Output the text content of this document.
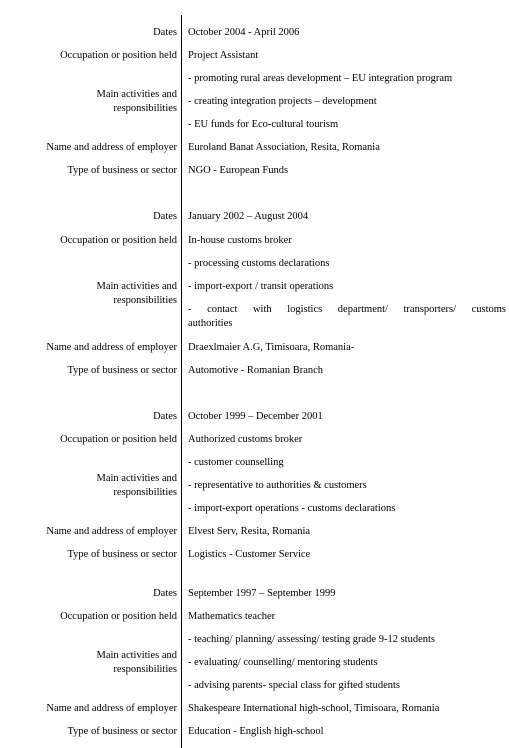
Dates October 2004 - April 2006
Occupation or position held Project Assistant
Main activities and
responsibilities
- promoting rural areas development – EU integration program
- creating integration projects – development
- EU funds for Eco-cultural tourism
Name and address of employer Euroland Banat Association, Resita, Romania
Type of business or sector NGO - European Funds
Dates January 2002 – August 2004
Occupation or position held In-house customs broker
Main activities and
responsibilities
- processing customs declarations
- import-export / transit operations
- contact with logistics department/ transporters/ customs
authorities
Name and address of employer Draexlmaier A.G, Timisoara, Romania-
Type of business or sector Automotive - Romanian Branch
Dates October 1999 – December 2001
Occupation or position held Authorized customs broker
Main activities and
responsibilities
- customer counselling
- representative to authorities & customers
- import-export operations - customs declarations
Name and address of employer Elvest Serv, Resita, Romania
Type of business or sector Logistics - Customer Service
Dates September 1997 – September 1999
Occupation or position held Mathematics teacher
Main activities and
responsibilities
- teaching/ planning/ assessing/ testing grade 9-12 students
- evaluating/ counselling/ mentoring students
- advising parents- special class for gifted students
Name and address of employer Shakespeare International high-school, Timisoara, Romania
Type of business or sector Education - English high-school
